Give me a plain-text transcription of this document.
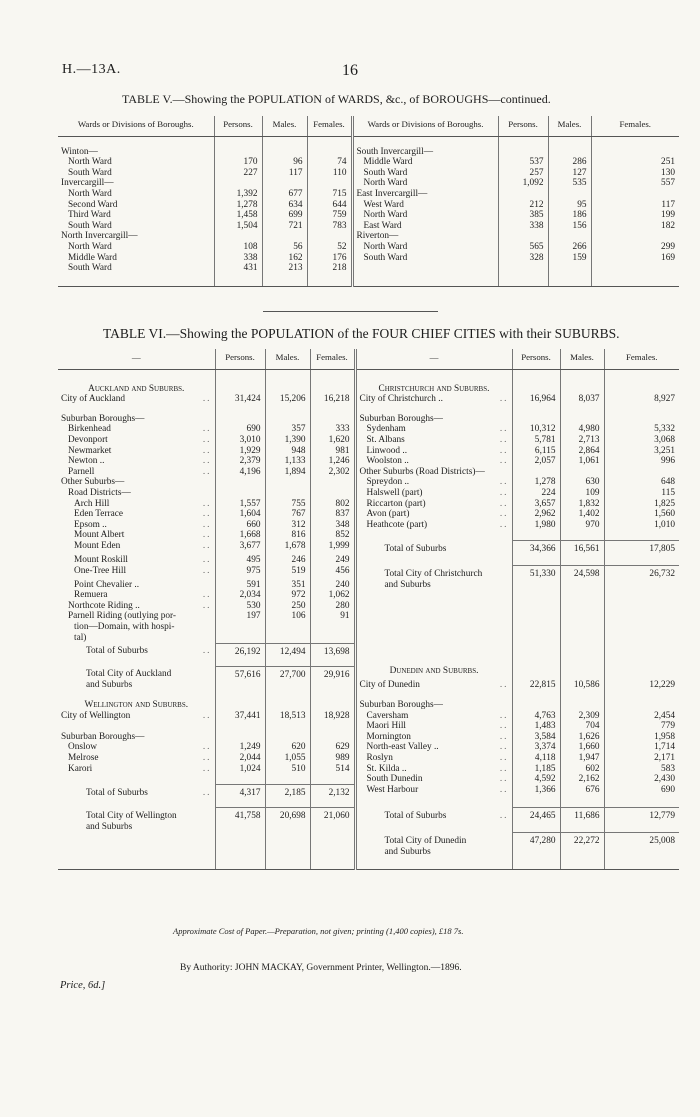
H.—13A.	16
TABLE V.—Showing the POPULATION of WARDS, &c., of BOROUGHS—continued.
Wards or Divisions of Boroughs.	Persons.	Males.	Females.	Wards or Divisions of Boroughs.	Persons.	Males.	Females.

Winton—				South Invercargill—			
North Ward	170	96	74	Middle Ward	537	286	251
South Ward	227	117	110	South Ward	257	127	130
Invercargill—				North Ward	1,092	535	557
North Ward	1,392	677	715	East Invercargill—			
Second Ward	1,278	634	644	West Ward	212	95	117
Third Ward	1,458	699	759	North Ward	385	186	199
South Ward	1,504	721	783	East Ward	338	156	182
North Invercargill—				Riverton—			
North Ward	108	56	52	North Ward	565	266	299
Middle Ward	338	162	176	South Ward	328	159	169
South Ward	431	213	218				

TABLE VI.—Showing the POPULATION of the FOUR CHIEF CITIES with their SUBURBS.
—	Persons.	Males.	Females.	—	Persons.	Males.	Females.

Auckland and Suburbs.				Christchurch and Suburbs.			
City of Auckland ..	31,424	15,206	16,218	City of Christchurch .. ..	16,964	8,037	8,927

Suburban Boroughs—				Suburban Boroughs—			
Birkenhead ..	690	357	333	Sydenham ..	10,312	4,980	5,332
Devonport ..	3,010	1,390	1,620	St. Albans ..	5,781	2,713	3,068
Newmarket ..	1,929	948	981	Linwood .. ..	6,115	2,864	3,251
Newton .. ..	2,379	1,133	1,246	Woolston .. ..	2,057	1,061	996
Parnell ..	4,196	1,894	2,302	Other Suburbs (Road Districts)—			
Other Suburbs—				Spreydon .. ..	1,278	630	648
Road Districts—				Halswell (part) ..	224	109	115
Arch Hill ..	1,557	755	802	Riccarton (part) ..	3,657	1,832	1,825
Eden Terrace ..	1,604	767	837	Avon (part) ..	2,962	1,402	1,560
Epsom .. ..	660	312	348	Heathcote (part) ..	1,980	970	1,010
Mount Albert ..	1,668	816	852				
Mount Eden ..	3,677	1,678	1,999	Total of Suburbs	34,366	16,561	17,805
Mount Roskill ..	495	246	249				
One-Tree Hill ..	975	519	456	Total City of Christchurch	51,330	24,598	26,732
Point Chevalier ..	591	351	240	and Suburbs			
Remuera ..	2,034	972	1,062				
Northcote Riding .. ..	530	250	280				
Parnell Riding (outlying por-	197	106	91				
tion—Domain, with hospi-							
tal)							
Total of Suburbs ..	26,192	12,494	13,698				

Total City of Auckland	57,616	27,700	29,916	Dunedin and Suburbs.			
and Suburbs				City of Dunedin ..	22,815	10,586	12,229

Wellington and Suburbs.				Suburban Boroughs—			
City of Wellington ..	37,441	18,513	18,928	Caversham ..	4,763	2,309	2,454
				Maori Hill ..	1,483	704	779
Suburban Boroughs—				Mornington ..	3,584	1,626	1,958
Onslow ..	1,249	620	629	North-east Valley .. ..	3,374	1,660	1,714
Melrose ..	2,044	1,055	989	Roslyn ..	4,118	1,947	2,171
Karori ..	1,024	510	514	St. Kilda .. ..	1,185	602	583
				South Dunedin ..	4,592	2,162	2,430
Total of Suburbs ..	4,317	2,185	2,132	West Harbour ..	1,366	676	690

Total City of Wellington	41,758	20,698	21,060	Total of Suburbs ..	24,465	11,686	12,779
and Suburbs							
				Total City of Dunedin	47,280	22,272	25,008
				and Suburbs			

Approximate Cost of Paper.—Preparation, not given; printing (1,400 copies), £18 7s.
By Authority: JOHN MACKAY, Government Printer, Wellington.—1896.
Price, 6d.]
